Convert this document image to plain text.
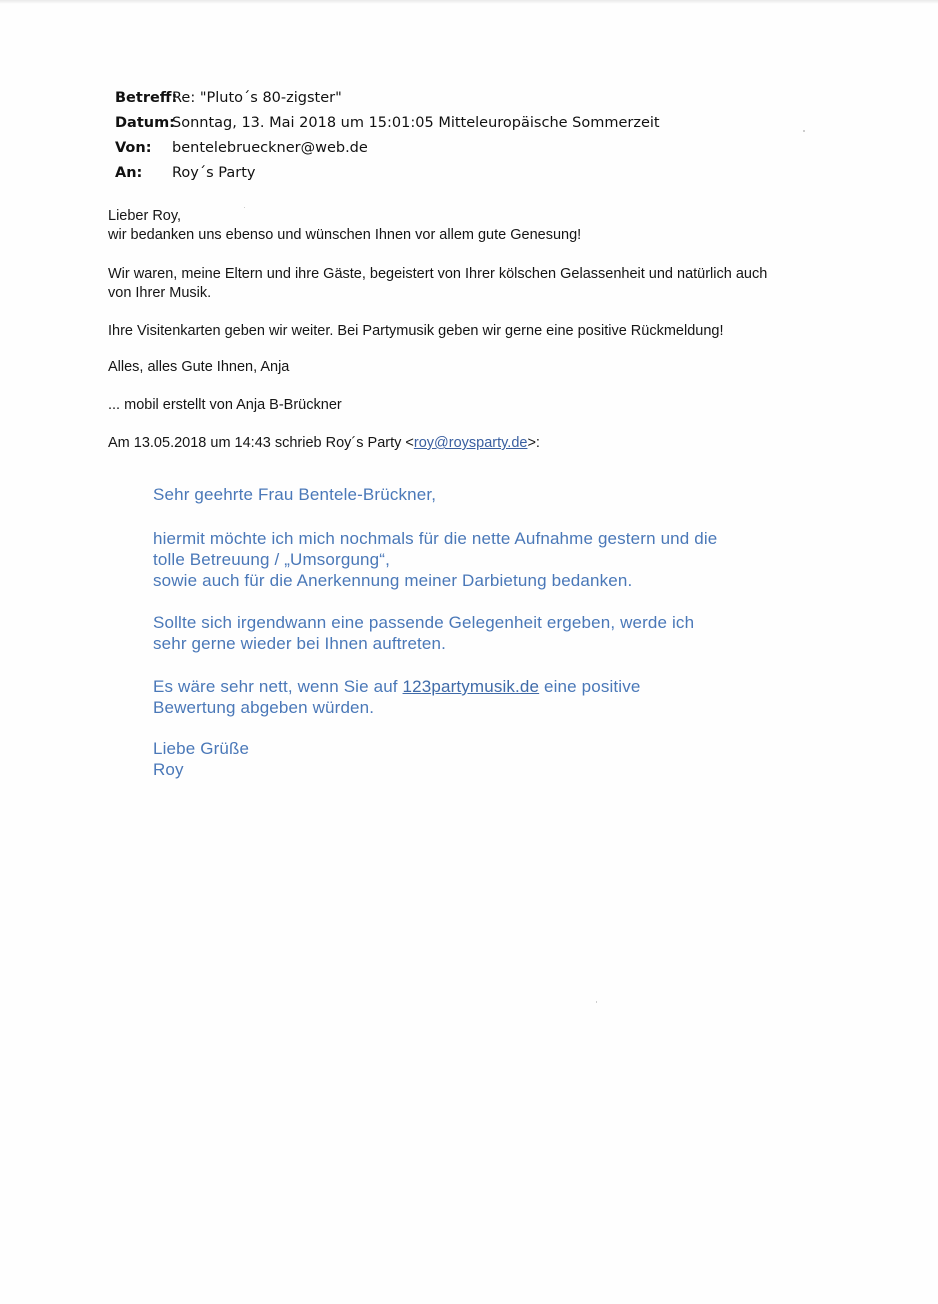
Betreff:
Re: "Pluto´s 80-zigster"
Datum:
Sonntag, 13. Mai 2018 um 15:01:05 Mitteleuropäische Sommerzeit
Von:	bentelebrueckner@web.de
An:	Roy´s Party

Lieber Roy,

wir bedanken uns ebenso und wünschen Ihnen vor allem gute Genesung!

Wir waren, meine Eltern und ihre Gäste, begeistert von Ihrer kölschen Gelassenheit und natürlich auch

von Ihrer Musik.

Ihre Visitenkarten geben wir weiter. Bei Partymusik geben wir gerne eine positive Rückmeldung!

Alles, alles Gute Ihnen, Anja

... mobil erstellt von Anja B-Brückner

Am 13.05.2018 um 14:43 schrieb Roy´s Party <roy@roysparty.de>:

Sehr geehrte Frau Bentele-Brückner,

hiermit möchte ich mich nochmals für die nette Aufnahme gestern und die

tolle Betreuung / „Umsorgung“,

sowie auch für die Anerkennung meiner Darbietung bedanken.

Sollte sich irgendwann eine passende Gelegenheit ergeben, werde ich

sehr gerne wieder bei Ihnen auftreten.

Es wäre sehr nett, wenn Sie auf 123partymusik.de eine positive

Bewertung abgeben würden.

Liebe Grüße

Roy
